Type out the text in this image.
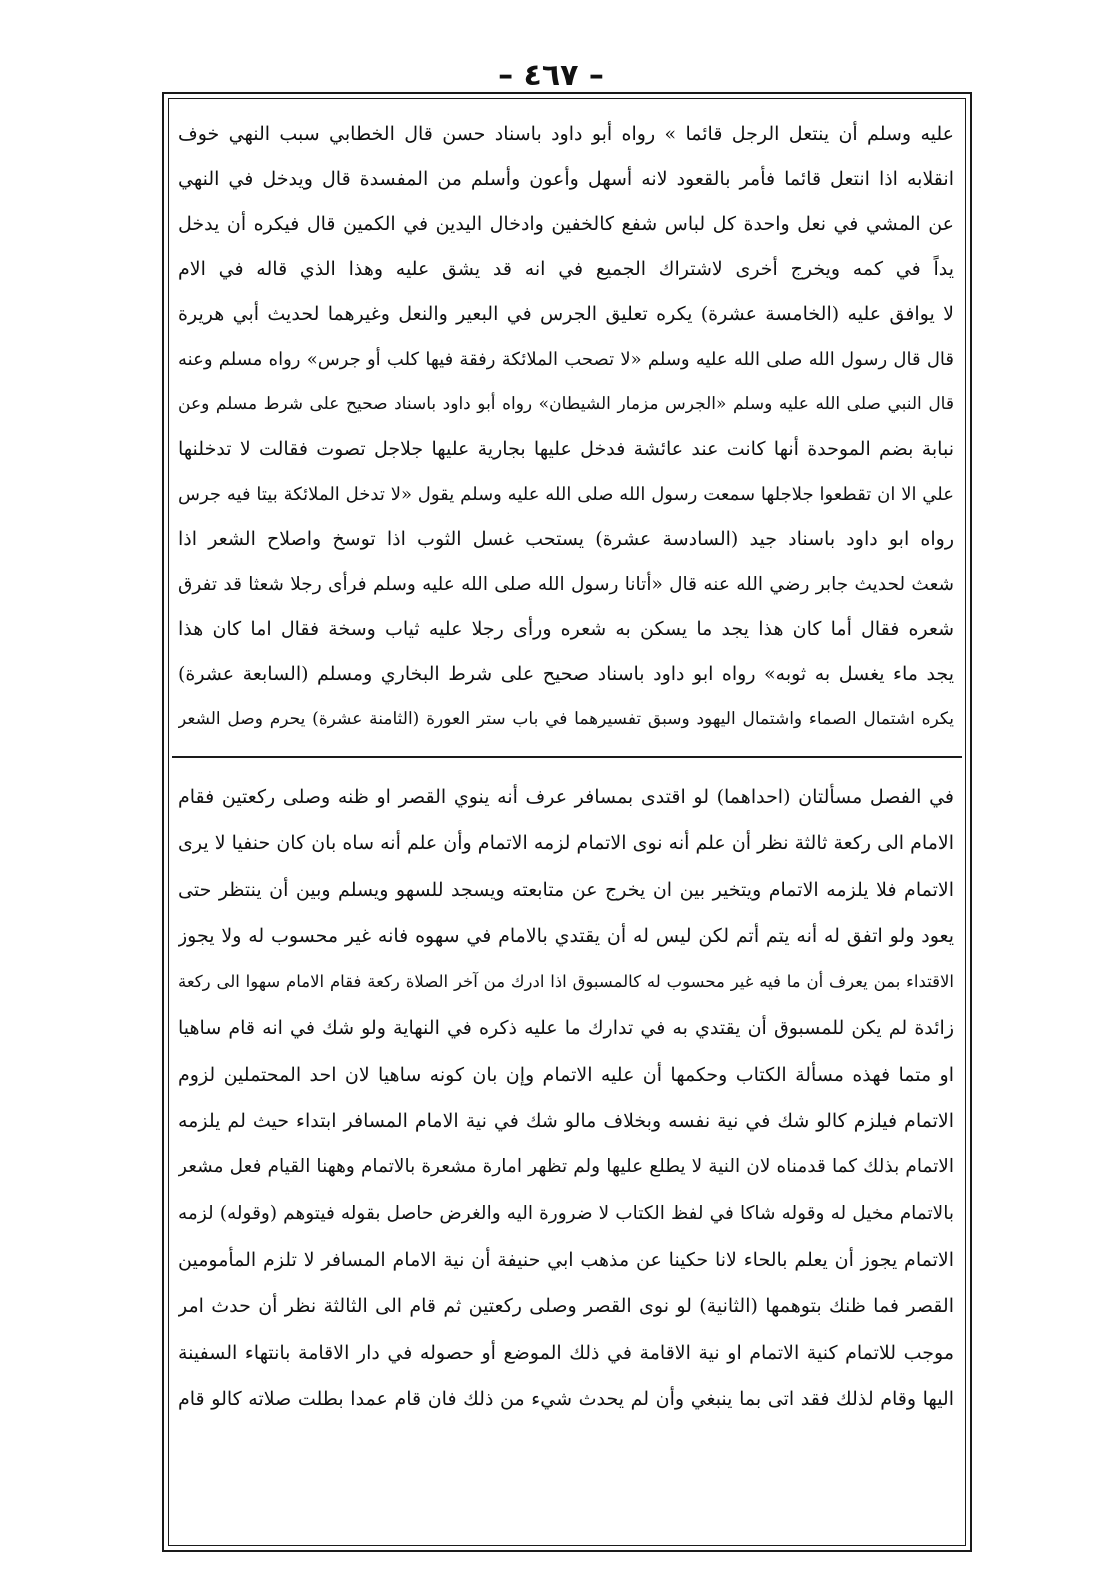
– ٤٦٧ –
عليه وسلم أن ينتعل الرجل قائما » رواه أبو داود باسناد حسن قال الخطابي سبب النهي خوف
انقلابه اذا انتعل قائما فأمر بالقعود لانه أسهل وأعون وأسلم من المفسدة قال ويدخل في النهي
عن المشي في نعل واحدة كل لباس شفع كالخفين وادخال اليدين في الكمين قال فيكره أن يدخل
يداً في كمه ويخرج أخرى لاشتراك الجميع في انه قد يشق عليه وهذا الذي قاله في الام
لا يوافق عليه (الخامسة عشرة) يكره تعليق الجرس في البعير والنعل وغيرهما لحديث أبي هريرة
قال قال رسول الله صلى الله عليه وسلم «لا تصحب الملائكة رفقة فيها كلب أو جرس» رواه مسلم وعنه
قال النبي صلى الله عليه وسلم «الجرس مزمار الشيطان» رواه أبو داود باسناد صحيح على شرط مسلم وعن
نبابة بضم الموحدة أنها كانت عند عائشة فدخل عليها بجارية عليها جلاجل تصوت فقالت لا تدخلنها
علي الا ان تقطعوا جلاجلها سمعت رسول الله صلى الله عليه وسلم يقول «لا تدخل الملائكة بيتا فيه جرس
رواه ابو داود باسناد جيد (السادسة عشرة) يستحب غسل الثوب اذا توسخ واصلاح الشعر اذا
شعث لحديث جابر رضي الله عنه قال «أتانا رسول الله صلى الله عليه وسلم فرأى رجلا شعثا قد تفرق
شعره فقال أما كان هذا يجد ما يسكن به شعره ورأى رجلا عليه ثياب وسخة فقال اما كان هذا
يجد ماء يغسل به ثوبه» رواه ابو داود باسناد صحيح على شرط البخاري ومسلم (السابعة عشرة)
يكره اشتمال الصماء واشتمال اليهود وسبق تفسيرهما في باب ستر العورة (الثامنة عشرة) يحرم وصل الشعر
في الفصل مسألتان (احداهما) لو اقتدى بمسافر عرف أنه ينوي القصر او ظنه وصلى ركعتين فقام
الامام الى ركعة ثالثة نظر أن علم أنه نوى الاتمام لزمه الاتمام وأن علم أنه ساه بان كان حنفيا لا يرى
الاتمام فلا يلزمه الاتمام ويتخير بين ان يخرج عن متابعته ويسجد للسهو ويسلم وبين أن ينتظر حتى
يعود ولو اتفق له أنه يتم أتم لكن ليس له أن يقتدي بالامام في سهوه فانه غير محسوب له ولا يجوز
الاقتداء بمن يعرف أن ما فيه غير محسوب له كالمسبوق اذا ادرك من آخر الصلاة ركعة فقام الامام سهوا الى ركعة
زائدة لم يكن للمسبوق أن يقتدي به في تدارك ما عليه ذكره في النهاية ولو شك في انه قام ساهيا
او متما فهذه مسألة الكتاب وحكمها أن عليه الاتمام وإن بان كونه ساهيا لان احد المحتملين لزوم
الاتمام فيلزم كالو شك في نية نفسه وبخلاف مالو شك في نية الامام المسافر ابتداء حيث لم يلزمه
الاتمام بذلك كما قدمناه لان النية لا يطلع عليها ولم تظهر امارة مشعرة بالاتمام وههنا القيام فعل مشعر
بالاتمام مخيل له وقوله شاكا في لفظ الكتاب لا ضرورة اليه والغرض حاصل بقوله فيتوهم (وقوله) لزمه
الاتمام يجوز أن يعلم بالحاء لانا حكينا عن مذهب ابي حنيفة أن نية الامام المسافر لا تلزم المأمومين
القصر فما ظنك بتوهمها (الثانية) لو نوى القصر وصلى ركعتين ثم قام الى الثالثة نظر أن حدث امر
موجب للاتمام كنية الاتمام او نية الاقامة في ذلك الموضع أو حصوله في دار الاقامة بانتهاء السفينة
اليها وقام لذلك فقد اتى بما ينبغي وأن لم يحدث شيء من ذلك فان قام عمدا بطلت صلاته كالو قام
